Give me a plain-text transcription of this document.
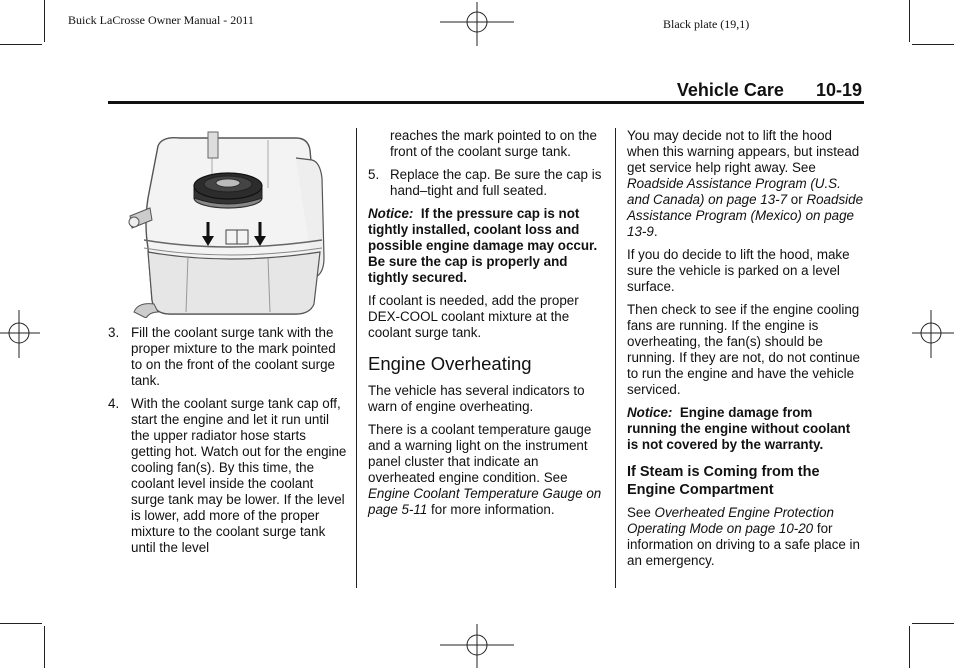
Buick LaCrosse Owner Manual - 2011	Black plate (19,1)
Vehicle Care 10-19
3. Fill the coolant surge tank with the proper mixture to the mark pointed to on the front of the coolant surge tank.
4. With the coolant surge tank cap off, start the engine and let it run until the upper radiator hose starts getting hot. Watch out for the engine cooling fan(s). By this time, the coolant level inside the coolant surge tank may be lower. If the level is lower, add more of the proper mixture to the coolant surge tank until the level

reaches the mark pointed to on the front of the coolant surge tank.

5. Replace the cap. Be sure the cap is hand–tight and full seated.

Notice: If the pressure cap is not tightly installed, coolant loss and possible engine damage may occur. Be sure the cap is properly and tightly secured.

If coolant is needed, add the proper DEX-COOL coolant mixture at the coolant surge tank.

Engine Overheating

The vehicle has several indicators to warn of engine overheating.

There is a coolant temperature gauge and a warning light on the instrument panel cluster that indicate an overheated engine condition. See Engine Coolant Temperature Gauge on page 5-11 for more information.

You may decide not to lift the hood when this warning appears, but instead get service help right away. See Roadside Assistance Program (U.S. and Canada) on page 13-7 or Roadside Assistance Program (Mexico) on page 13-9.

If you do decide to lift the hood, make sure the vehicle is parked on a level surface.

Then check to see if the engine cooling fans are running. If the engine is overheating, the fan(s) should be running. If they are not, do not continue to run the engine and have the vehicle serviced.

Notice: Engine damage from running the engine without coolant is not covered by the warranty.

If Steam is Coming from the Engine Compartment

See Overheated Engine Protection Operating Mode on page 10-20 for information on driving to a safe place in an emergency.
